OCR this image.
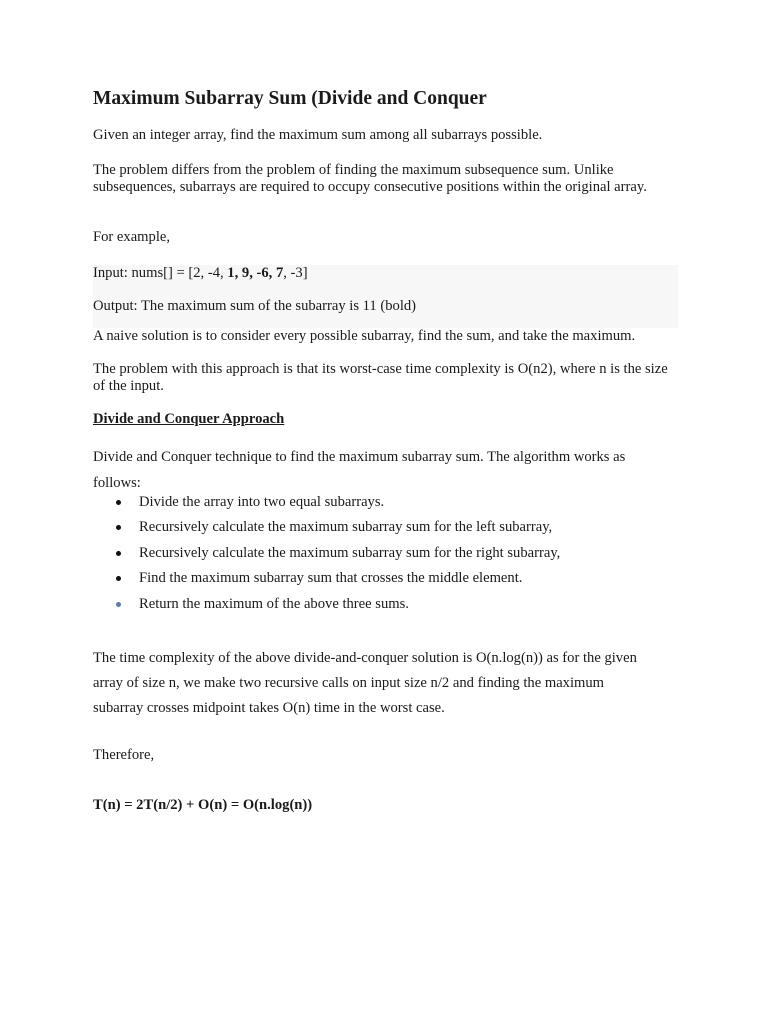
Maximum Subarray Sum (Divide and Conquer

Given an integer array, find the maximum sum among all subarrays possible.

The problem differs from the problem of finding the maximum subsequence sum. Unlike subsequences, subarrays are required to occupy consecutive positions within the original array.

For example,

Input: nums[] = [2, -4, 1, 9, -6, 7, -3]
Output: The maximum sum of the subarray is 11 (bold)

A naive solution is to consider every possible subarray, find the sum, and take the maximum.

The problem with this approach is that its worst-case time complexity is O(n2), where n is the size of the input.

Divide and Conquer Approach

Divide and Conquer technique to find the maximum subarray sum. The algorithm works as
follows:

Divide the array into two equal subarrays.
Recursively calculate the maximum subarray sum for the left subarray,
Recursively calculate the maximum subarray sum for the right subarray,
Find the maximum subarray sum that crosses the middle element.
Return the maximum of the above three sums.

The time complexity of the above divide-and-conquer solution is O(n.log(n)) as for the given
array of size n, we make two recursive calls on input size n/2 and finding the maximum
subarray crosses midpoint takes O(n) time in the worst case.

Therefore,

T(n) = 2T(n/2) + O(n) = O(n.log(n))
